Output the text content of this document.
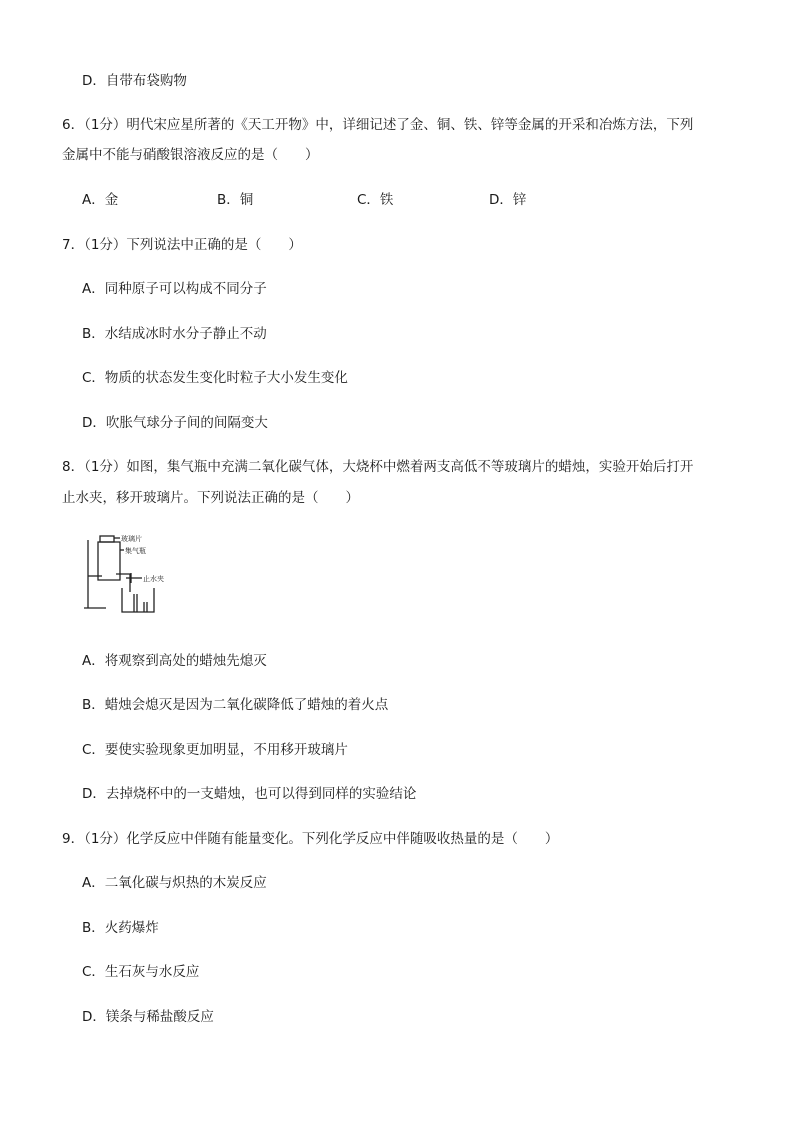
D．自带布袋购物
6．（1分）明代宋应星所著的《天工开物》中，详细记述了金、铜、铁、锌等金属的开采和冶炼方法，下列
金属中不能与硝酸银溶液反应的是（　　）
A．金	B．铜	C．铁	D．锌
7．（1分）下列说法中正确的是（　　）
A．同种原子可以构成不同分子
B．水结成冰时水分子静止不动
C．物质的状态发生变化时粒子大小发生变化
D．吹胀气球分子间的间隔变大
8．（1分）如图，集气瓶中充满二氧化碳气体，大烧杯中燃着两支高低不等玻璃片的蜡烛，实验开始后打开
止水夹，移开玻璃片。下列说法正确的是（　　）
玻璃片
集气瓶
止水夹
A．将观察到高处的蜡烛先熄灭
B．蜡烛会熄灭是因为二氧化碳降低了蜡烛的着火点
C．要使实验现象更加明显，不用移开玻璃片
D．去掉烧杯中的一支蜡烛，也可以得到同样的实验结论
9．（1分）化学反应中伴随有能量变化。下列化学反应中伴随吸收热量的是（　　）
A．二氧化碳与炽热的木炭反应
B．火药爆炸
C．生石灰与水反应
D．镁条与稀盐酸反应
